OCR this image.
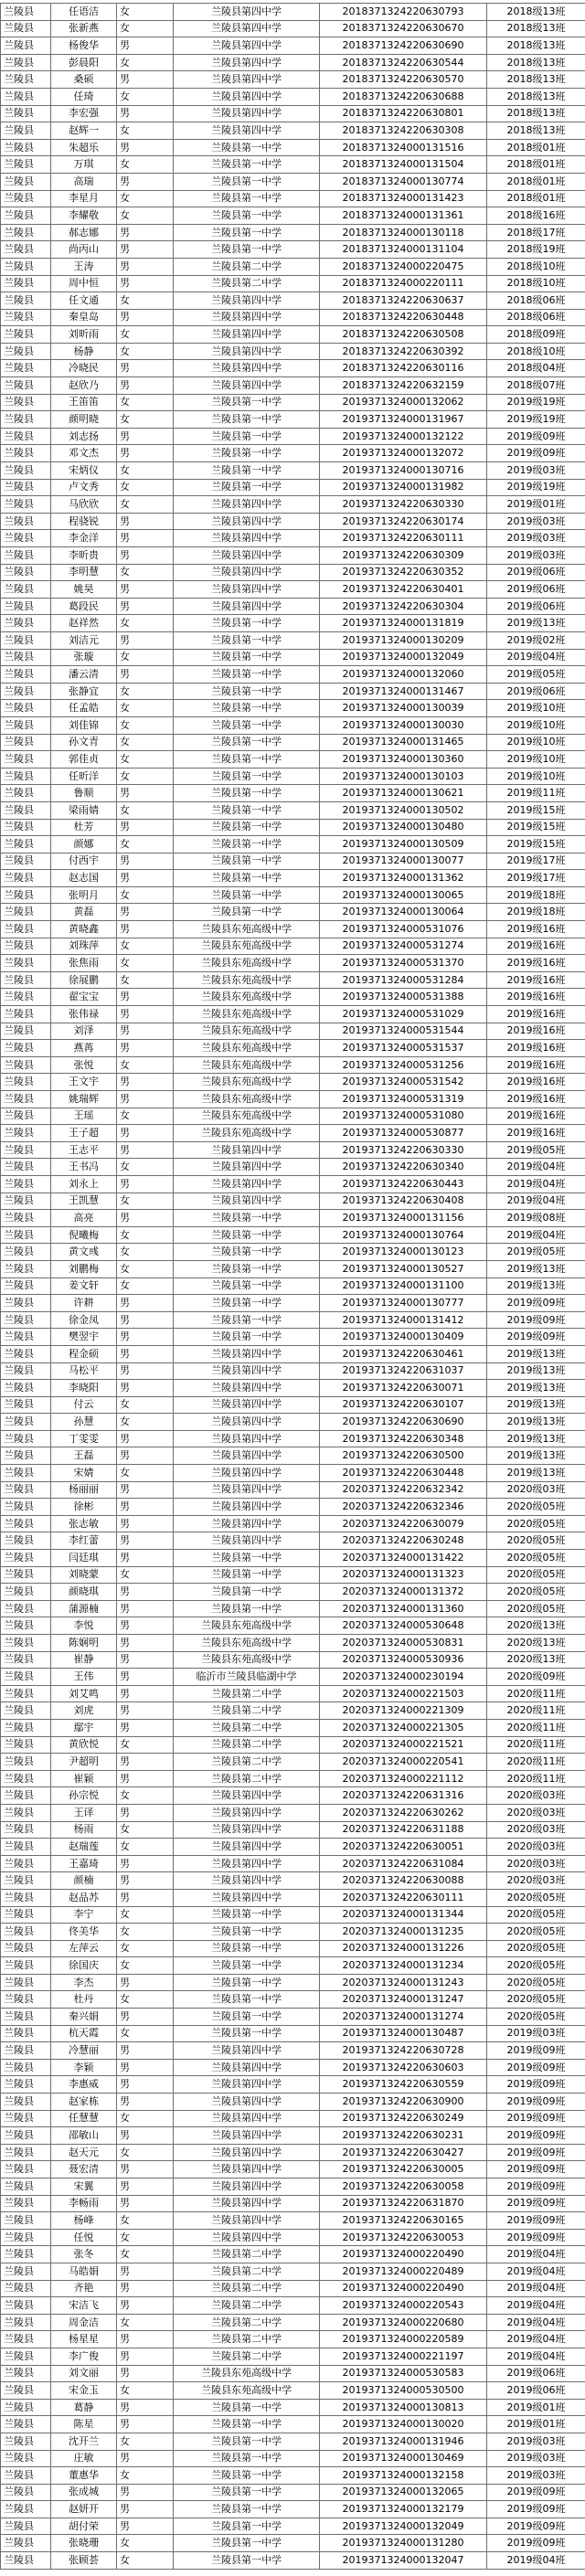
兰陵县	任语洁	女	兰陵县第四中学	2018371324220630793	2018级13班
兰陵县	张新燕	女	兰陵县第四中学	2018371324220630670	2018级13班
兰陵县	杨俊华	男	兰陵县第四中学	2018371324220630690	2018级13班
兰陵县	彭晨阳	女	兰陵县第四中学	2018371324220630544	2018级13班
兰陵县	桑硕	男	兰陵县第四中学	2018371324220630570	2018级13班
兰陵县	任琦	女	兰陵县第四中学	2018371324220630688	2018级13班
兰陵县	李宏强	男	兰陵县第四中学	2018371324220630801	2018级13班
兰陵县	赵辉一	女	兰陵县第四中学	2018371324220630308	2018级13班
兰陵县	朱超乐	男	兰陵县第一中学	2018371324000131516	2018级01班
兰陵县	万琪	女	兰陵县第一中学	2018371324000131504	2018级01班
兰陵县	高瑞	男	兰陵县第一中学	2018371324000130774	2018级01班
兰陵县	李星月	女	兰陵县第一中学	2018371324000131423	2018级01班
兰陵县	李耀敬	女	兰陵县第一中学	2018371324000131361	2018级16班
兰陵县	郝志娜	男	兰陵县第一中学	2018371324000130118	2018级17班
兰陵县	尚丙山	男	兰陵县第一中学	2018371324000131104	2018级19班
兰陵县	王涛	男	兰陵县第二中学	2018371324000220475	2018级10班
兰陵县	周中恒	男	兰陵县第二中学	2018371324000220111	2018级10班
兰陵县	任文通	女	兰陵县第四中学	2018371324220630637	2018级06班
兰陵县	秦皇岛	男	兰陵县第四中学	2018371324220630448	2018级06班
兰陵县	刘昕雨	女	兰陵县第四中学	2018371324220630508	2018级09班
兰陵县	杨静	女	兰陵县第四中学	2018371324220630392	2018级10班
兰陵县	冷晓民	男	兰陵县第四中学	2018371324220630116	2018级04班
兰陵县	赵欣乃	男	兰陵县第四中学	2018371324220632159	2018级07班
兰陵县	王笛笛	女	兰陵县第一中学	2019371324000132062	2019级19班
兰陵县	颜明晓	女	兰陵县第一中学	2019371324000131967	2019级19班
兰陵县	刘志扬	男	兰陵县第一中学	2019371324000132122	2019级09班
兰陵县	邓文杰	男	兰陵县第一中学	2019371324000132072	2019级09班
兰陵县	宋炳仪	女	兰陵县第一中学	2019371324000130716	2019级03班
兰陵县	卢文秀	女	兰陵县第一中学	2019371324000131982	2019级19班
兰陵县	马欣欣	女	兰陵县第四中学	2019371324220630330	2019级01班
兰陵县	程骁锐	男	兰陵县第四中学	2019371324220630174	2019级03班
兰陵县	李金洋	男	兰陵县第四中学	2019371324220630111	2019级03班
兰陵县	李昕贵	男	兰陵县第四中学	2019371324220630309	2019级03班
兰陵县	李明慧	女	兰陵县第四中学	2019371324220630352	2019级06班
兰陵县	姚昊	男	兰陵县第四中学	2019371324220630401	2019级06班
兰陵县	葛段民	男	兰陵县第四中学	2019371324220630304	2019级06班
兰陵县	赵祥然	女	兰陵县第一中学	2019371324000131819	2019级13班
兰陵县	刘洁元	男	兰陵县第一中学	2019371324000130209	2019级02班
兰陵县	张璇	女	兰陵县第一中学	2019371324000132049	2019级04班
兰陵县	潘云清	男	兰陵县第一中学	2019371324000132060	2019级05班
兰陵县	张静宜	女	兰陵县第一中学	2019371324000131467	2019级06班
兰陵县	任孟皓	女	兰陵县第一中学	2019371324000130039	2019级10班
兰陵县	刘佳锦	女	兰陵县第一中学	2019371324000130030	2019级10班
兰陵县	孙文青	女	兰陵县第一中学	2019371324000131465	2019级10班
兰陵县	郭佳贞	女	兰陵县第一中学	2019371324000130360	2019级10班
兰陵县	任昕洋	女	兰陵县第一中学	2019371324000130103	2019级10班
兰陵县	鲁顺	男	兰陵县第一中学	2019371324000130621	2019级11班
兰陵县	梁雨婧	女	兰陵县第一中学	2019371324000130502	2019级15班
兰陵县	杜芳	男	兰陵县第一中学	2019371324000130480	2019级15班
兰陵县	颜娜	女	兰陵县第一中学	2019371324000130509	2019级15班
兰陵县	付西宇	男	兰陵县第一中学	2019371324000130077	2019级17班
兰陵县	赵志国	男	兰陵县第一中学	2019371324000131362	2019级17班
兰陵县	张明月	女	兰陵县第一中学	2019371324000130065	2019级18班
兰陵县	黄磊	男	兰陵县第一中学	2019371324000130064	2019级18班
兰陵县	黄晓鑫	男	兰陵县东苑高级中学	2019371324000531076	2019级16班
兰陵县	刘珠萍	女	兰陵县东苑高级中学	2019371324000531274	2019级16班
兰陵县	张焦雨	女	兰陵县东苑高级中学	2019371324000531370	2019级16班
兰陵县	徐展鹏	女	兰陵县东苑高级中学	2019371324000531284	2019级16班
兰陵县	翟宝宝	男	兰陵县东苑高级中学	2019371324000531388	2019级16班
兰陵县	张伟禄	男	兰陵县东苑高级中学	2019371324000531029	2019级16班
兰陵县	刘泽	男	兰陵县东苑高级中学	2019371324000531544	2019级16班
兰陵县	燕苒	男	兰陵县东苑高级中学	2019371324000531537	2019级16班
兰陵县	张悦	女	兰陵县东苑高级中学	2019371324000531256	2019级16班
兰陵县	王文宇	男	兰陵县东苑高级中学	2019371324000531542	2019级16班
兰陵县	姚瑞辉	男	兰陵县东苑高级中学	2019371324000531319	2019级16班
兰陵县	王瑶	女	兰陵县东苑高级中学	2019371324000531080	2019级16班
兰陵县	王子超	男	兰陵县东苑高级中学	2019371324000530877	2019级16班
兰陵县	王志平	男	兰陵县第四中学	2019371324220630330	2019级05班
兰陵县	王书冯	女	兰陵县第四中学	2019371324220630340	2019级04班
兰陵县	刘永上	男	兰陵县第四中学	2019371324220630443	2019级04班
兰陵县	王凯慧	女	兰陵县第四中学	2019371324220630408	2019级04班
兰陵县	高亮	男	兰陵县第一中学	2019371324000131156	2019级08班
兰陵县	倪曦梅	女	兰陵县第一中学	2019371324000130764	2019级04班
兰陵县	黄文彧	女	兰陵县第一中学	2019371324000130123	2019级05班
兰陵县	刘鹏梅	女	兰陵县第一中学	2019371324000130527	2019级13班
兰陵县	姜文轩	女	兰陵县第一中学	2019371324000131100	2019级13班
兰陵县	许耕	男	兰陵县第一中学	2019371324000130777	2019级09班
兰陵县	徐金凤	男	兰陵县第一中学	2019371324000131412	2019级09班
兰陵县	樊翌宇	男	兰陵县第一中学	2019371324000130409	2019级09班
兰陵县	程金硕	男	兰陵县第四中学	2019371324220630461	2019级13班
兰陵县	马松平	男	兰陵县第四中学	2019371324220631037	2019级13班
兰陵县	李晓阳	男	兰陵县第四中学	2019371324220630071	2019级13班
兰陵县	付云	女	兰陵县第四中学	2019371324220630107	2019级13班
兰陵县	孙慧	女	兰陵县第四中学	2019371324220630690	2019级13班
兰陵县	丁雯雯	男	兰陵县第四中学	2019371324220630348	2019级13班
兰陵县	王磊	男	兰陵县第四中学	2019371324220630500	2019级13班
兰陵县	宋婧	女	兰陵县第四中学	2019371324220630448	2019级13班
兰陵县	杨丽丽	男	兰陵县第四中学	2020371324220632342	2020级03班
兰陵县	徐彬	男	兰陵县第四中学	2020371324220632346	2020级05班
兰陵县	张志敏	男	兰陵县第四中学	2020371324220630079	2020级05班
兰陵县	李红蕾	男	兰陵县第四中学	2020371324220630248	2020级05班
兰陵县	闫廷琪	男	兰陵县第一中学	2020371324000131422	2020级05班
兰陵县	刘晓蒙	女	兰陵县第一中学	2020371324000131323	2020级05班
兰陵县	颜晓琪	男	兰陵县第一中学	2020371324000131372	2020级05班
兰陵县	蒲源楠	男	兰陵县第一中学	2020371324000131360	2020级05班
兰陵县	李悦	男	兰陵县东苑高级中学	2020371324000530648	2020级13班
兰陵县	陈娴明	男	兰陵县东苑高级中学	2020371324000530831	2020级13班
兰陵县	崔静	男	兰陵县东苑高级中学	2020371324000530936	2020级13班
兰陵县	王伟	男	临沂市兰陵县临湖中学	2020371324000230194	2020级09班
兰陵县	刘艾鸣	男	兰陵县第二中学	2020371324000221503	2020级11班
兰陵县	刘虎	男	兰陵县第二中学	2020371324000221309	2020级11班
兰陵县	鄢宇	男	兰陵县第二中学	2020371324000221305	2020级11班
兰陵县	黄欣悦	女	兰陵县第二中学	2020371324000221521	2020级11班
兰陵县	尹超明	男	兰陵县第二中学	2020371324000220541	2020级11班
兰陵县	崔颖	男	兰陵县第二中学	2020371324000221112	2020级11班
兰陵县	孙宗悦	女	兰陵县第四中学	2020371324220631316	2020级03班
兰陵县	王译	男	兰陵县第四中学	2020371324220630262	2020级03班
兰陵县	杨雨	女	兰陵县第四中学	2020371324220631188	2020级03班
兰陵县	赵瑞莲	女	兰陵县第四中学	2020371324220630051	2020级03班
兰陵县	王嘉琦	男	兰陵县第四中学	2020371324220631084	2020级03班
兰陵县	颜楠	男	兰陵县第四中学	2020371324220630088	2020级03班
兰陵县	赵品苏	男	兰陵县第四中学	2020371324220630111	2020级05班
兰陵县	李宁	女	兰陵县第一中学	2020371324000131344	2020级05班
兰陵县	佟美华	女	兰陵县第一中学	2020371324000131235	2020级05班
兰陵县	左萍云	女	兰陵县第一中学	2020371324000131226	2020级05班
兰陵县	徐国庆	女	兰陵县第一中学	2020371324000131234	2020级05班
兰陵县	李杰	男	兰陵县第一中学	2020371324000131243	2020级05班
兰陵县	杜丹	女	兰陵县第一中学	2020371324000131247	2020级05班
兰陵县	秦兴娟	男	兰陵县第一中学	2020371324000131274	2020级05班
兰陵县	杭天霞	女	兰陵县第一中学	2019371324000130487	2019级03班
兰陵县	冷慧丽	男	兰陵县第四中学	2019371324220630728	2019级09班
兰陵县	李颖	男	兰陵县第四中学	2019371324220630603	2019级09班
兰陵县	李惠威	男	兰陵县第四中学	2019371324220630559	2019级09班
兰陵县	赵家栋	男	兰陵县第四中学	2019371324220630900	2019级09班
兰陵县	任慧慧	女	兰陵县第四中学	2019371324220630249	2019级09班
兰陵县	邵敏山	男	兰陵县第四中学	2019371324220630231	2019级09班
兰陵县	赵天元	女	兰陵县第四中学	2019371324220630427	2019级09班
兰陵县	聂宏清	男	兰陵县第四中学	2019371324220630005	2019级09班
兰陵县	宋翼	男	兰陵县第四中学	2019371324220630058	2019级09班
兰陵县	李畅雨	男	兰陵县第四中学	2019371324220631870	2019级09班
兰陵县	杨峰	女	兰陵县第四中学	2019371324220630165	2019级09班
兰陵县	任悦	女	兰陵县第四中学	2019371324220630053	2019级09班
兰陵县	张冬	女	兰陵县第二中学	2019371324000220490	2019级04班
兰陵县	马皓娟	男	兰陵县第二中学	2019371324000220489	2019级04班
兰陵县	齐艳	男	兰陵县第二中学	2019371324000220490	2019级04班
兰陵县	宋洁飞	男	兰陵县第二中学	2019371324000220543	2019级04班
兰陵县	周金洁	女	兰陵县第二中学	2019371324000220680	2019级04班
兰陵县	杨星星	男	兰陵县第二中学	2019371324000220589	2019级04班
兰陵县	李广俊	男	兰陵县第二中学	2019371324000221197	2019级04班
兰陵县	刘文丽	男	兰陵县东苑高级中学	2019371324000530583	2019级06班
兰陵县	宋金玉	女	兰陵县东苑高级中学	2019371324000530500	2019级06班
兰陵县	葛静	男	兰陵县第一中学	2019371324000130813	2019级01班
兰陵县	陈星	男	兰陵县第一中学	2019371324000130020	2019级01班
兰陵县	沈开兰	女	兰陵县第一中学	2019371324000131946	2019级03班
兰陵县	庄敏	男	兰陵县第一中学	2019371324000130469	2019级03班
兰陵县	董惠华	女	兰陵县第一中学	2019371324000132158	2019级03班
兰陵县	张成城	男	兰陵县第一中学	2019371324000132065	2019级09班
兰陵县	赵妍开	男	兰陵县第一中学	2019371324000132179	2019级09班
兰陵县	胡付荣	男	兰陵县第一中学	2019371324000132049	2019级09班
兰陵县	张晓珊	女	兰陵县第一中学	2019371324000131280	2019级09班
兰陵县	张顾荟	女	兰陵县第一中学	2019371324000132047	2019级04班
